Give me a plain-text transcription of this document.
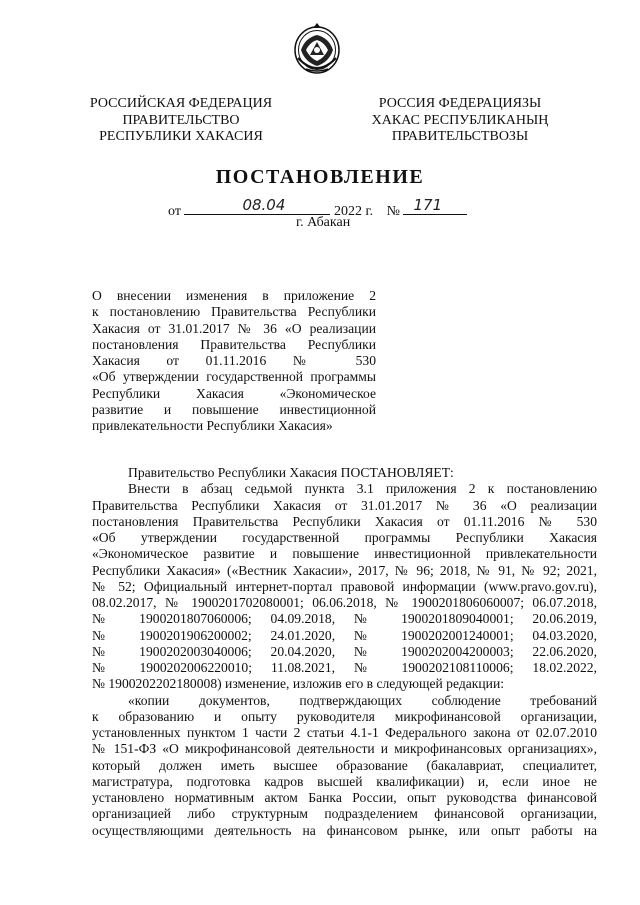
РОССИЙСКАЯ ФЕДЕРАЦИЯ
ПРАВИТЕЛЬСТВО
РЕСПУБЛИКИ ХАКАСИЯ
РОССИЯ ФЕДЕРАЦИЯЗЫ
ХАКАС РЕСПУБЛИКАНЫҢ
ПРАВИТЕЛЬСТВОЗЫ
ПОСТАНОВЛЕНИЕ
от	08.04	2022 г. № 171
г. Абакан
О внесении изменения в приложение 2
к постановлению Правительства Республики
Хакасия от 31.01.2017 № 36 «О реализации
постановления Правительства Республики
Хакасия от 01.11.2016 № 530
«Об утверждении государственной программы
Республики Хакасия «Экономическое
развитие и повышение инвестиционной
привлекательности Республики Хакасия»
Правительство Республики Хакасия ПОСТАНОВЛЯЕТ:
Внести в абзац седьмой пункта 3.1 приложения 2 к постановлению
Правительства Республики Хакасия от 31.01.2017 № 36 «О реализации
постановления Правительства Республики Хакасия от 01.11.2016 № 530
«Об утверждении государственной программы Республики Хакасия
«Экономическое развитие и повышение инвестиционной привлекательности
Республики Хакасия» («Вестник Хакасии», 2017, № 96; 2018, № 91, № 92; 2021,
№ 52; Официальный интернет-портал правовой информации (www.pravo.gov.ru),
08.02.2017, № 1900201702080001; 06.06.2018, № 1900201806060007; 06.07.2018,
№ 1900201807060006; 04.09.2018, № 1900201809040001; 20.06.2019,
№ 1900201906200002; 24.01.2020, № 1900202001240001; 04.03.2020,
№ 1900202003040006; 20.04.2020, № 1900202004200003; 22.06.2020,
№ 1900202006220010; 11.08.2021, № 1900202108110006; 18.02.2022,
№ 1900202202180008) изменение, изложив его в следующей редакции:
«копии документов, подтверждающих соблюдение требований
к образованию и опыту руководителя микрофинансовой организации,
установленных пунктом 1 части 2 статьи 4.1-1 Федерального закона от 02.07.2010
№ 151-ФЗ «О микрофинансовой деятельности и микрофинансовых организациях»,
который должен иметь высшее образование (бакалавриат, специалитет,
магистратура, подготовка кадров высшей квалификации) и, если иное не
установлено нормативным актом Банка России, опыт руководства финансовой
организацией либо структурным подразделением финансовой организации,
осуществляющими деятельность на финансовом рынке, или опыт работы на
